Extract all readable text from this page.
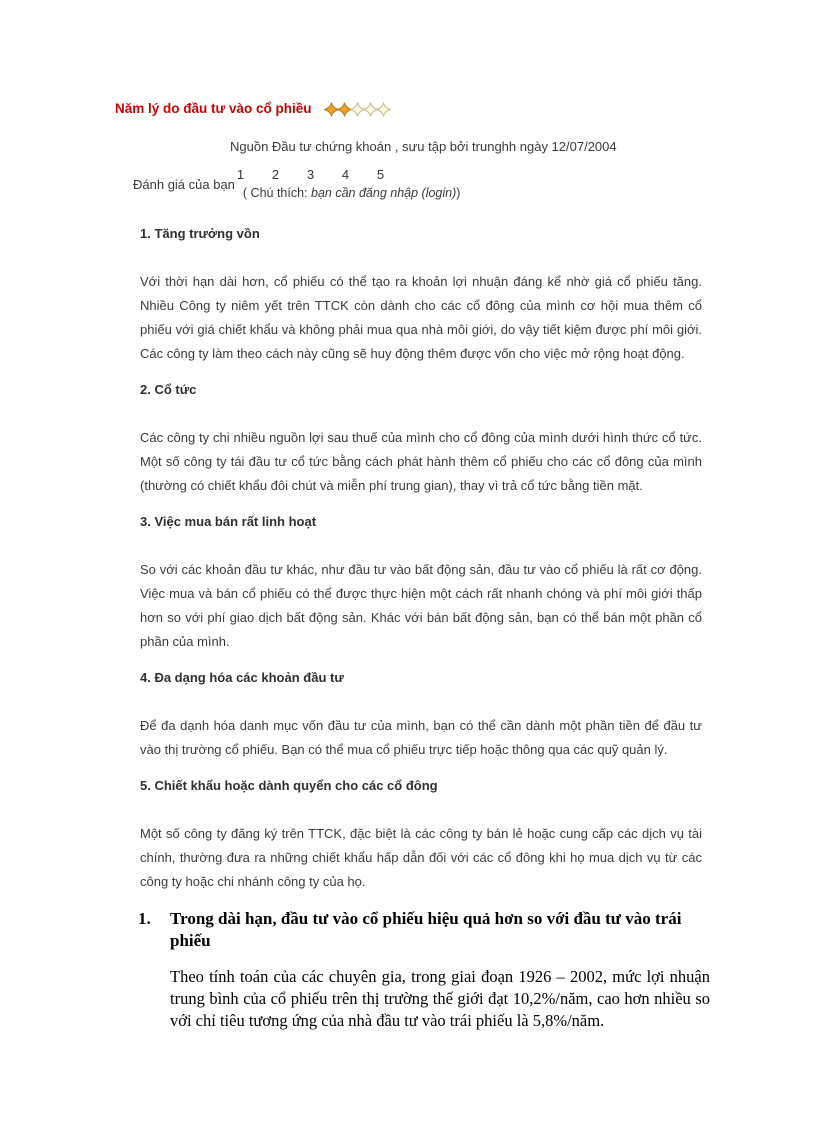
Năm lý do đầu tư vào cổ phiều
Nguồn Đầu tư chứng khoán , sưu tập bởi trunghh ngày 12/07/2004
Đánh giá của bạn
1	2	3	4	5
( Chú thích: bạn cần đăng nhập (login))
1. Tăng trưởng vồn
Với thời hạn dài hơn, cổ phiếu có thể tạo ra khoản lợi nhuận đáng kể nhờ giá cổ phiếu tăng. Nhiều Công ty niêm yết trên TTCK còn dành cho các cổ đông của mình cơ hội mua thêm cổ phiếu với giá chiết khẩu và không phải mua qua nhà môi giới, do vậy tiết kiệm được phí môi giới. Các công ty làm theo cách này cũng sẽ huy động thêm được vốn cho việc mở rộng hoạt động.
2. Cổ tức
Các công ty chi nhiều nguồn lợi sau thuế của mình cho cổ đông của mình dưới hình thức cổ tức. Một số công ty tái đầu tư cổ tức bằng cách phát hành thêm cổ phiếu cho các cổ đông của mình (thường có chiết khẩu đôi chút và miễn phí trung gian), thay vì trả cổ tức bằng tiền mặt.
3. Việc mua bán rất linh hoạt
So với các khoản đầu tư khác, như đầu tư vào bất động sản, đầu tư vào cổ phiếu là rất cơ động. Việc mua và bán cổ phiếu có thể được thực hiện một cách rất nhanh chóng và phí môi giới thấp hơn so với phí giao dịch bất động sản. Khác với bán bất động sản, bạn có thể bán một phần cổ phần của mình.
4. Đa dạng hóa các khoản đầu tư
Để đa dạnh hóa danh mục vốn đầu tư của mình, bạn có thể cần dành một phần tiền để đầu tư vào thị trường cổ phiếu. Bạn có thể mua cổ phiếu trực tiếp hoặc thông qua các quỹ quản lý.
5. Chiết khẩu hoặc dành quyển cho các cổ đông
Một số công ty đăng ký trên TTCK, đặc biệt là các công ty bán lẻ hoặc cung cấp các dịch vụ tài chính, thường đưa ra những chiết khẩu hấp dẫn đối với các cổ đông khi họ mua dịch vụ từ các công ty hoặc chi nhánh công ty của họ.
1.	Trong dài hạn, đầu tư vào cổ phiếu hiệu quả hơn so với đầu tư vào trái phiếu
Theo tính toán của các chuyên gia, trong giai đoạn 1926 – 2002, mức lợi nhuận trung bình của cổ phiếu trên thị trường thế giới đạt 10,2%/năm, cao hơn nhiều so với chỉ tiêu tương ứng của nhà đầu tư vào trái phiếu là 5,8%/năm.
